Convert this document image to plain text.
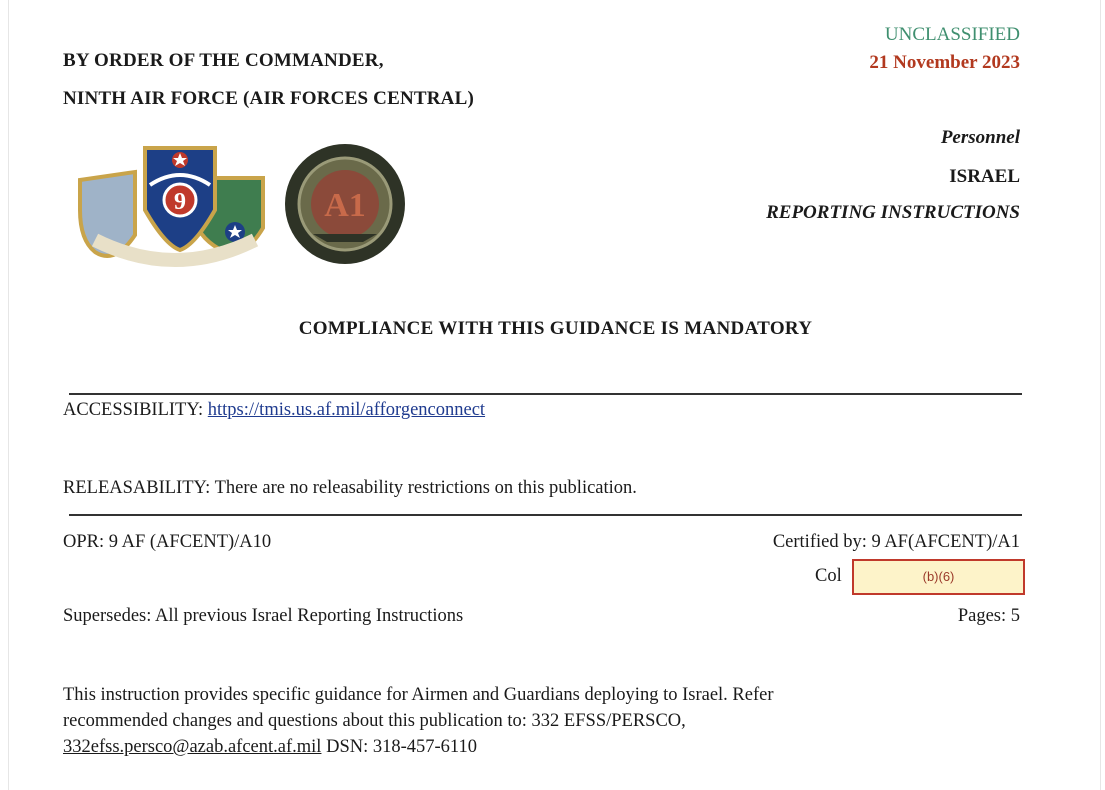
BY ORDER OF THE COMMANDER,
NINTH AIR FORCE (AIR FORCES CENTRAL)
UNCLASSIFIED
21 November 2023
Personnel
ISRAEL
REPORTING INSTRUCTIONS
9	A1
COMPLIANCE WITH THIS GUIDANCE IS MANDATORY
ACCESSIBILITY: https://tmis.us.af.mil/afforgenconnect
RELEASABILITY: There are no releasability restrictions on this publication.
OPR: 9 AF (AFCENT)/A10	Certified by: 9 AF(AFCENT)/A1
Col	(b)(6)
Supersedes: All previous Israel Reporting Instructions	Pages: 5
This instruction provides specific guidance for Airmen and Guardians deploying to Israel. Refer
recommended changes and questions about this publication to: 332 EFSS/PERSCO,
332efss.persco@azab.afcent.af.mil DSN: 318-457-6110
